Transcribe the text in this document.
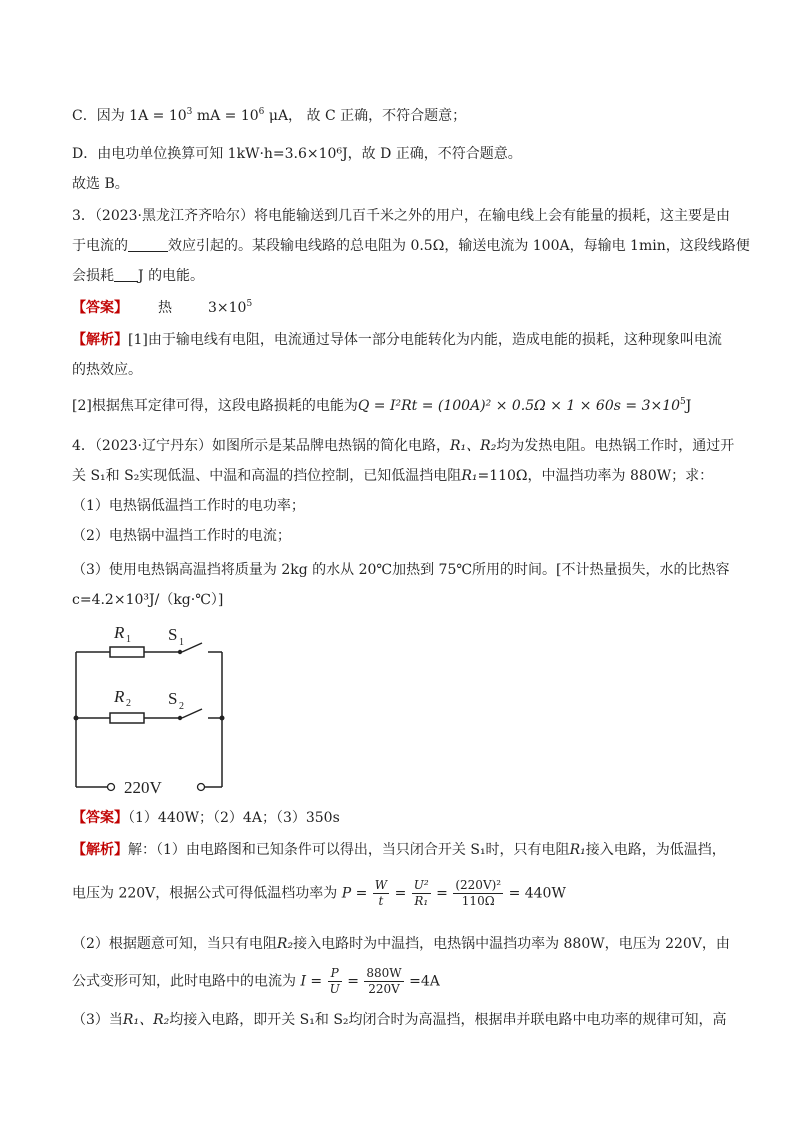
C．因为 $1A = 10^3$ mA = $10^6$ μA， 故 C 正确，不符合题意；
D．由电功单位换算可知 1kW·h=3.6×10⁶J，故 D 正确，不符合题意。
故选 B。
3．（2023·黑龙江齐齐哈尔）将电能输送到几百千米之外的用户，在输电线上会有能量的损耗，这主要是由
于电流的	效应引起的。某段输电线路的总电阻为 0.5Ω，输送电流为 100A，每输电 1min，这段线路便
会损耗 J 的电能。
【答案】 热	$3\times 10^5$
【解析】[1]由于输电线有电阻，电流通过导体一部分电能转化为内能，造成电能的损耗，这种现象叫电流
的热效应。
[2]根据焦耳定律可得，这段电路损耗的电能为$Q = I^2Rt = (100A)^2 \times 0.5\Omega \times 1 \times 60s = 3\times 10^5J$
4．（2023·辽宁丹东）如图所示是某品牌电热锅的简化电路，R₁、R₂均为发热电阻。电热锅工作时，通过开
关 S₁和 S₂实现低温、中温和高温的挡位控制，已知低温挡电阻R₁=110Ω，中温挡功率为 880W；求：
（1）电热锅低温挡工作时的电功率；
（2）电热锅中温挡工作时的电流；
（3）使用电热锅高温挡将质量为 2kg 的水从 20℃加热到 75℃所用的时间。[不计热量损失，水的比热容
c=4.2×10³J/（kg·℃）]
R 1 S 1
R 2 S 2
220V
【答案】（1）440W；（2）4A；（3）350s
【解析】解：（1）由电路图和已知条件可以得出，当只闭合开关 S₁时，只有电阻R₁接入电路，为低温挡，
电压为 220V，根据公式可得低温档功率为 $P = \frac{W}{t} = \frac{\text{U²}}{\text{R₁}} = \frac{\text{(220V)²}}{110\Omega} = 440W$
（2）根据题意可知，当只有电阻R₂接入电路时为中温挡，电热锅中温挡功率为 880W，电压为 220V，由
公式变形可知，此时电路中的电流为 $I = \frac{P}{U} = \frac{880W}{220V} =4A$
（3）当R₁、R₂均接入电路，即开关 S₁和 S₂均闭合时为高温挡，根据串并联电路中电功率的规律可知，高
